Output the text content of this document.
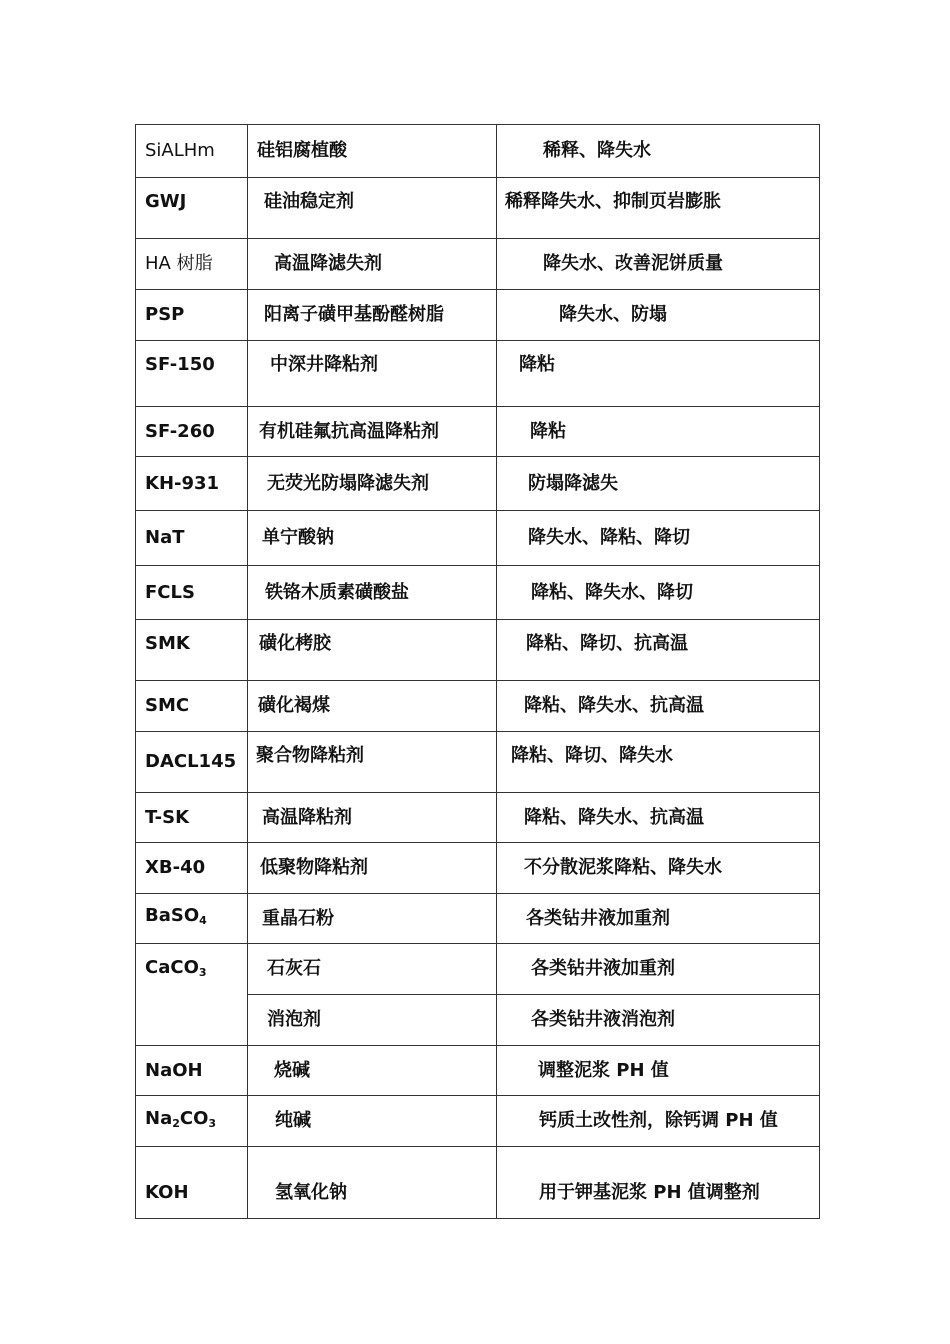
SiALHm	硅铝腐植酸	稀释、降失水
GWJ	硅油稳定剂	稀释降失水、抑制页岩膨胀
HA 树脂	高温降滤失剂	降失水、改善泥饼质量
PSP	阳离子磺甲基酚醛树脂	降失水、防塌
SF-150	中深井降粘剂	降粘
SF-260	有机硅氟抗高温降粘剂	降粘
KH-931	无荧光防塌降滤失剂	防塌降滤失
NaT	单宁酸钠	降失水、降粘、降切
FCLS	铁铬木质素磺酸盐	降粘、降失水、降切
SMK	磺化栲胶	降粘、降切、抗高温
SMC	磺化褐煤	降粘、降失水、抗高温
DACL145	聚合物降粘剂	降粘、降切、降失水
T-SK	高温降粘剂	降粘、降失水、抗高温
XB-40	低聚物降粘剂	不分散泥浆降粘、降失水
BaSO$_4$	重晶石粉	各类钻井液加重剂
CaCO$_3$	石灰石	各类钻井液加重剂
	消泡剂	各类钻井液消泡剂
NaOH	烧碱	调整泥浆 PH 值
$Na_2CO_3$	纯碱	钙质土改性剂，除钙调 PH 值
KOH	氢氧化钠	用于钾基泥浆 PH 值调整剂
